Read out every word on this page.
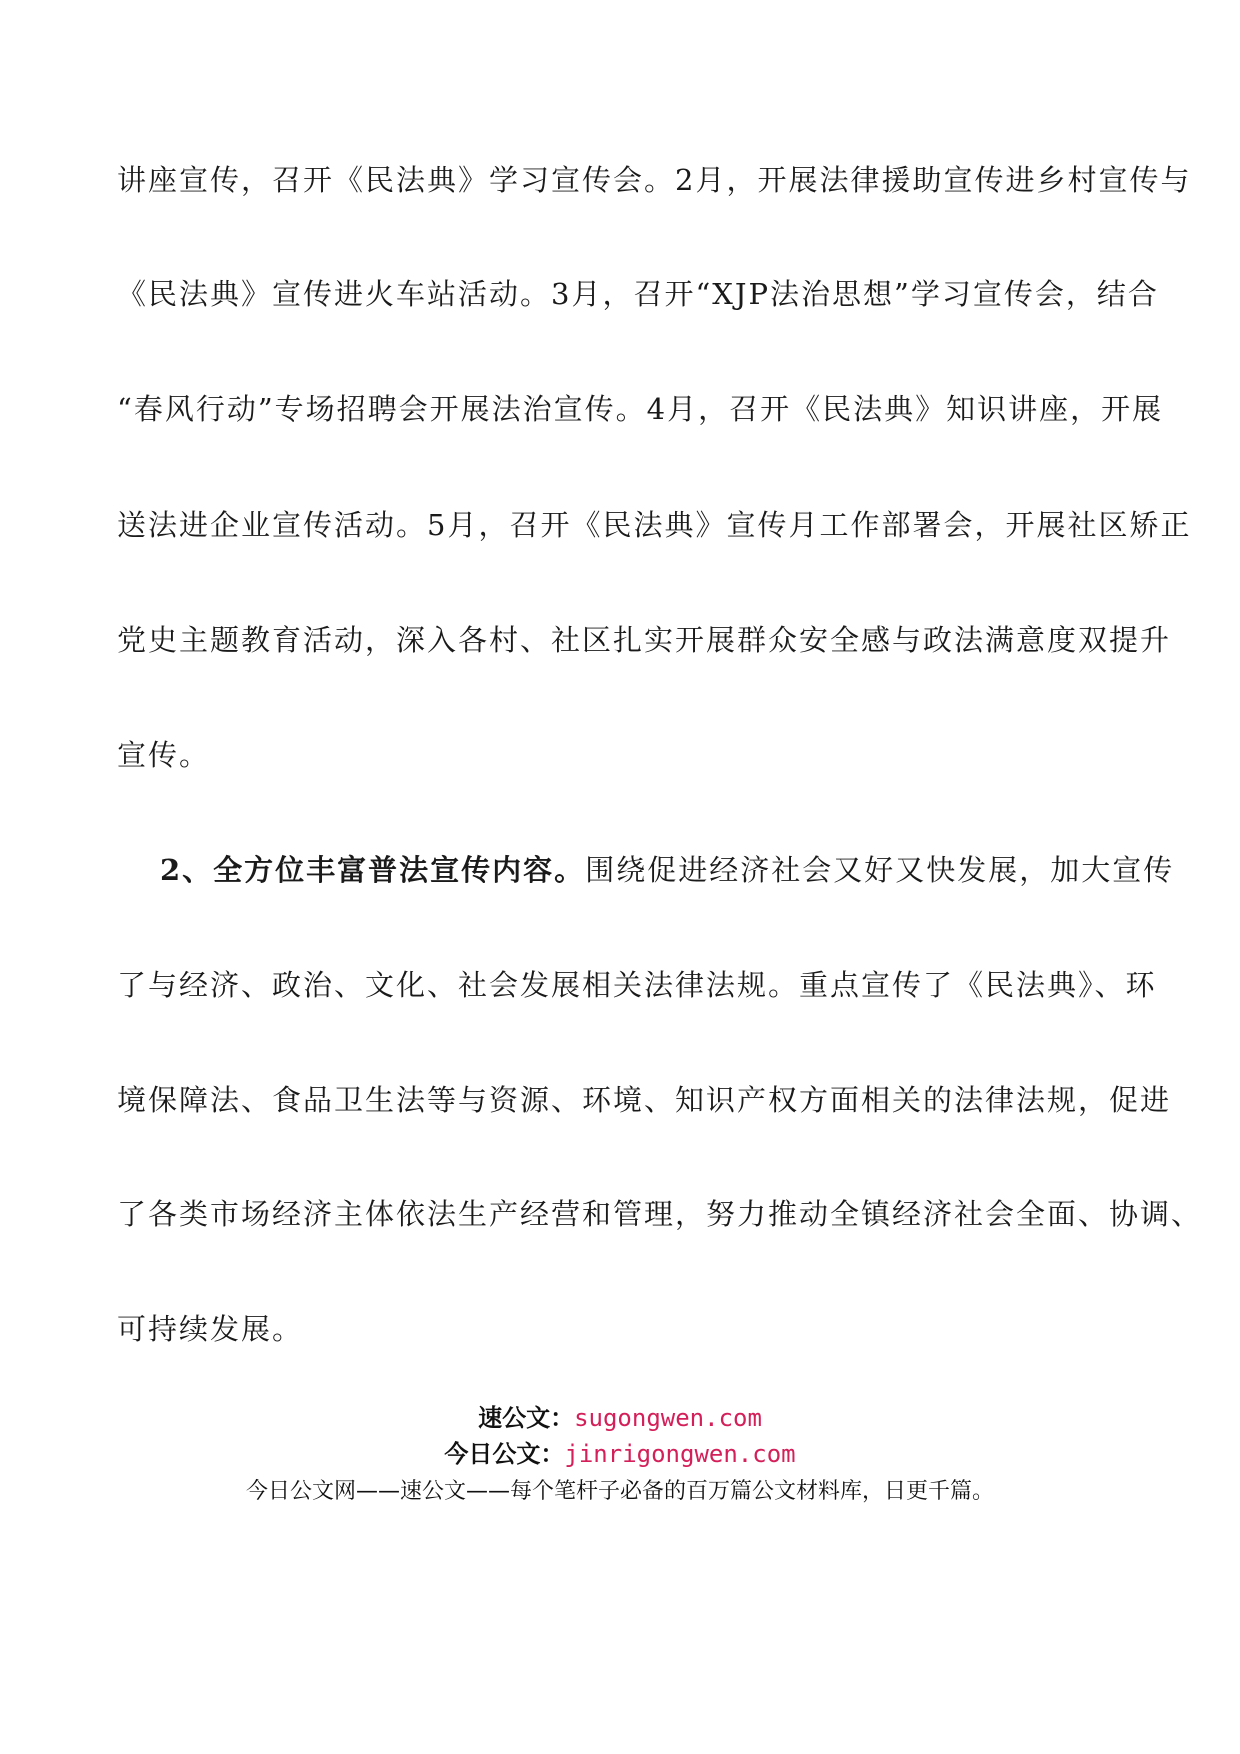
讲座宣传，召开《民法典》学习宣传会。2月，开展法律援助宣传进乡村宣传与
《民法典》宣传进火车站活动。3月，召开“XJP法治思想”学习宣传会，结合
“春风行动”专场招聘会开展法治宣传。4月，召开《民法典》知识讲座，开展
送法进企业宣传活动。5月，召开《民法典》宣传月工作部署会，开展社区矫正
党史主题教育活动，深入各村、社区扎实开展群众安全感与政法满意度双提升
宣传。
2、全方位丰富普法宣传内容。围绕促进经济社会又好又快发展，加大宣传
了与经济、政治、文化、社会发展相关法律法规。重点宣传了《民法典》、环
境保障法、食品卫生法等与资源、环境、知识产权方面相关的法律法规，促进
了各类市场经济主体依法生产经营和管理，努力推动全镇经济社会全面、协调、
可持续发展。
速公文：sugongwen.com
今日公文：jinrigongwen.com
今日公文网——速公文——每个笔杆子必备的百万篇公文材料库，日更千篇。
